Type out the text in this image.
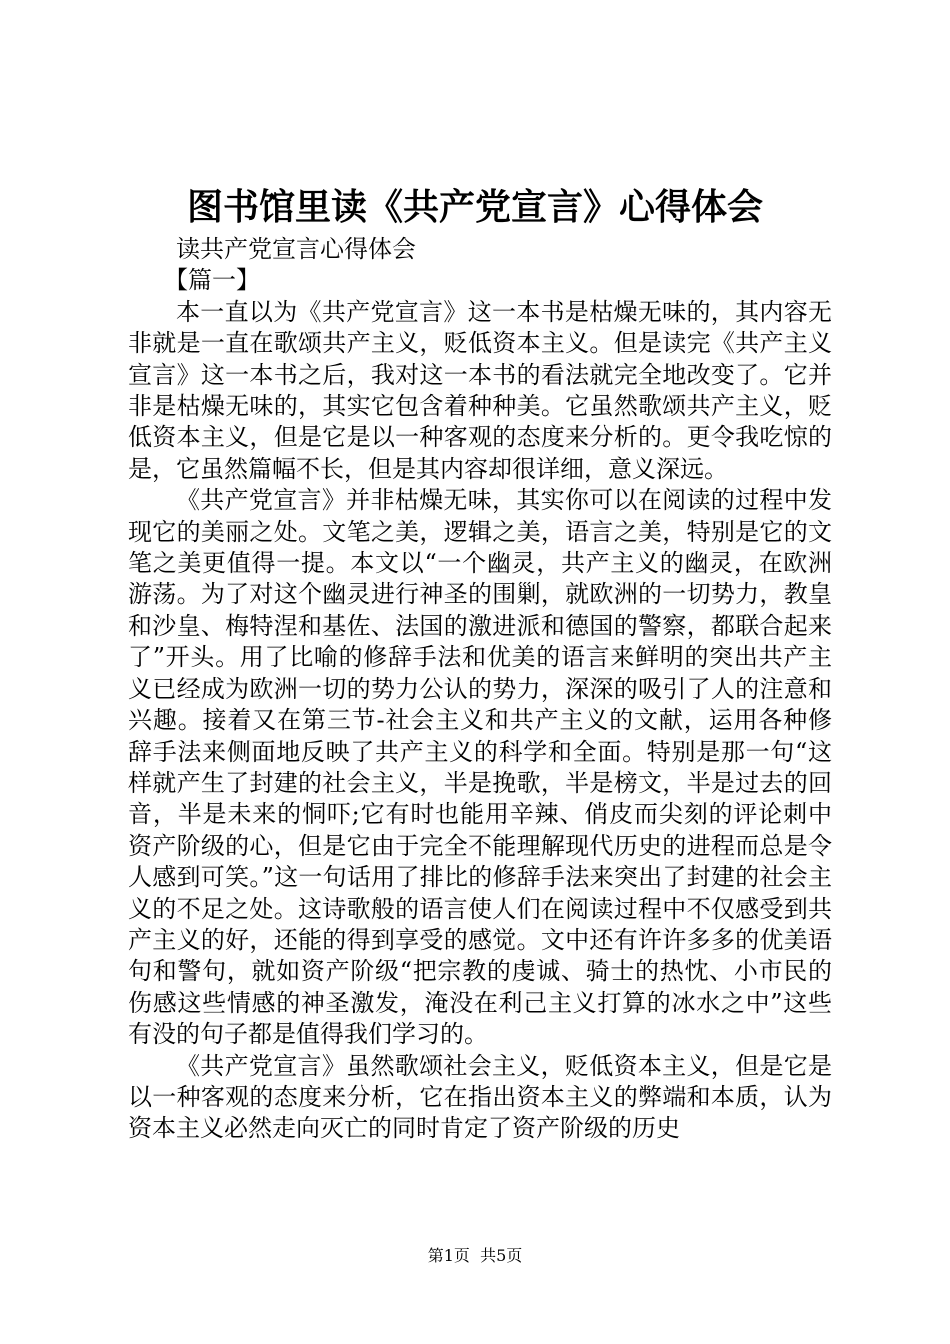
图书馆里读《共产党宣言》心得体会

读共产党宣言心得体会

【篇一】

本一直以为《共产党宣言》这一本书是枯燥无味的，其内容无非就是一直在歌颂共产主义，贬低资本主义。但是读完《共产主义宣言》这一本书之后，我对这一本书的看法就完全地改变了。它并非是枯燥无味的，其实它包含着种种美。它虽然歌颂共产主义，贬低资本主义，但是它是以一种客观的态度来分析的。更令我吃惊的是，它虽然篇幅不长，但是其内容却很详细，意义深远。

《共产党宣言》并非枯燥无味，其实你可以在阅读的过程中发现它的美丽之处。文笔之美，逻辑之美，语言之美，特别是它的文笔之美更值得一提。本文以“一个幽灵，共产主义的幽灵，在欧洲游荡。为了对这个幽灵进行神圣的围剿，就欧洲的一切势力，教皇和沙皇、梅特涅和基佐、法国的激进派和德国的警察，都联合起来了”开头。用了比喻的修辞手法和优美的语言来鲜明的突出共产主义已经成为欧洲一切的势力公认的势力，深深的吸引了人的注意和兴趣。接着又在第三节-社会主义和共产主义的文献，运用各种修辞手法来侧面地反映了共产主义的科学和全面。特别是那一句“这样就产生了封建的社会主义，半是挽歌，半是榜文，半是过去的回音，半是未来的恫吓;它有时也能用辛辣、俏皮而尖刻的评论刺中资产阶级的心，但是它由于完全不能理解现代历史的进程而总是令人感到可笑。”这一句话用了排比的修辞手法来突出了封建的社会主义的不足之处。这诗歌般的语言使人们在阅读过程中不仅感受到共产主义的好，还能的得到享受的感觉。文中还有许许多多的优美语句和警句，就如资产阶级“把宗教的虔诚、骑士的热忱、小市民的伤感这些情感的神圣激发，淹没在利己主义打算的冰水之中”这些有没的句子都是值得我们学习的。

《共产党宣言》虽然歌颂社会主义，贬低资本主义，但是它是以一种客观的态度来分析，它在指出资本主义的弊端和本质，认为资本主义必然走向灭亡的同时肯定了资产阶级的历史

第1页 共5页
